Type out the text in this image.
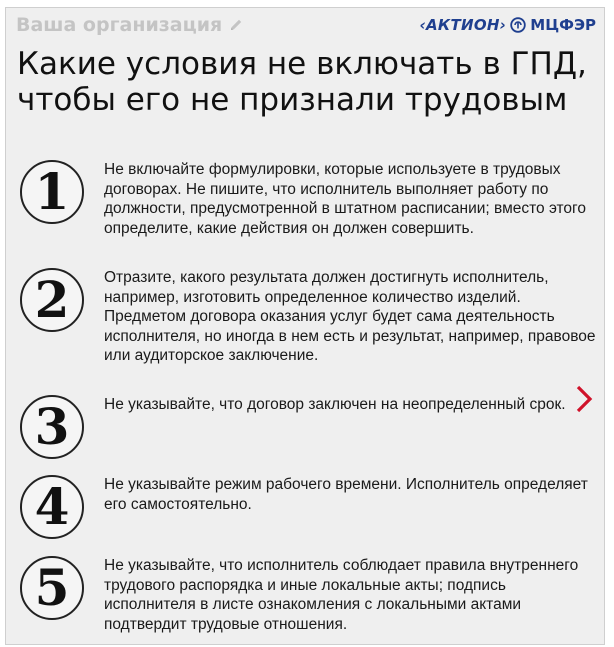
Ваша организация	‹АКТИОН› МЦФЭР
Какие условия не включать в ГПД,
чтобы его не признали трудовым
1	Не включайте формулировки, которые используете в трудовых договорах. Не пишите, что исполнитель выполняет работу по должности, предусмотренной в штатном расписании; вместо этого определите, какие действия он должен совершить.

2	Отразите, какого результата должен достигнуть исполнитель, например, изготовить определенное количество изделий. Предметом договора оказания услуг будет сама деятельность исполнителя, но иногда в нем есть и результат, например, правовое или аудиторское заключение.

3	Не указывайте, что договор заключен на неопределенный срок.

4	Не указывайте режим рабочего времени. Исполнитель определяет его самостоятельно.

5	Не указывайте, что исполнитель соблюдает правила внутреннего трудового распорядка и иные локальные акты; подпись исполнителя в листе ознакомления с локальными актами подтвердит трудовые отношения.
